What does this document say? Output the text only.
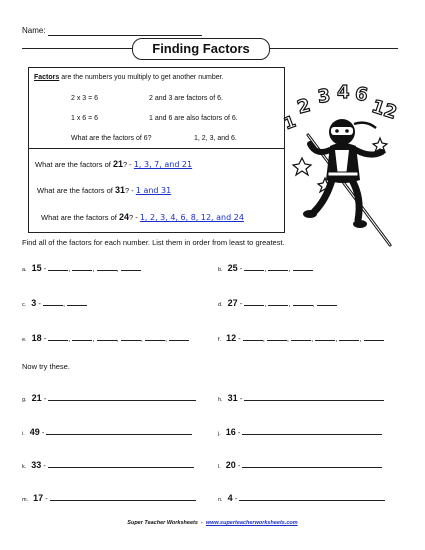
Name:
Finding Factors
Factors are the numbers you multiply to get another number.
2 x 3 = 6	2 and 3 are factors of 6.
1 x 6 = 6	1 and 6 are also factors of 6.
What are the factors of 6?	1, 2, 3, and 6.
What are the factors of 21? - 1, 3, 7, and 21
What are the factors of 31? - 1 and 31
What are the factors of 24? - 1, 2, 3, 4, 6, 8, 12, and 24
1
2 3 4 6
12
Find all of the factors for each number. List them in order from least to greatest.
a. 15 -	,	,	,	b. 25 -	,	,
c. 3 -	,	d. 27 -	,	,	,
e. 18 -	,	,	,	,	,	f. 12 -	,	,	,	,	,
Now try these.
g. 21 -	h. 31 -
i. 49 -	j. 16 -
k. 33 -	l. 20 -
m. 17 -	n. 4 -
Super Teacher Worksheets  -  www.superteacherworksheets.com
